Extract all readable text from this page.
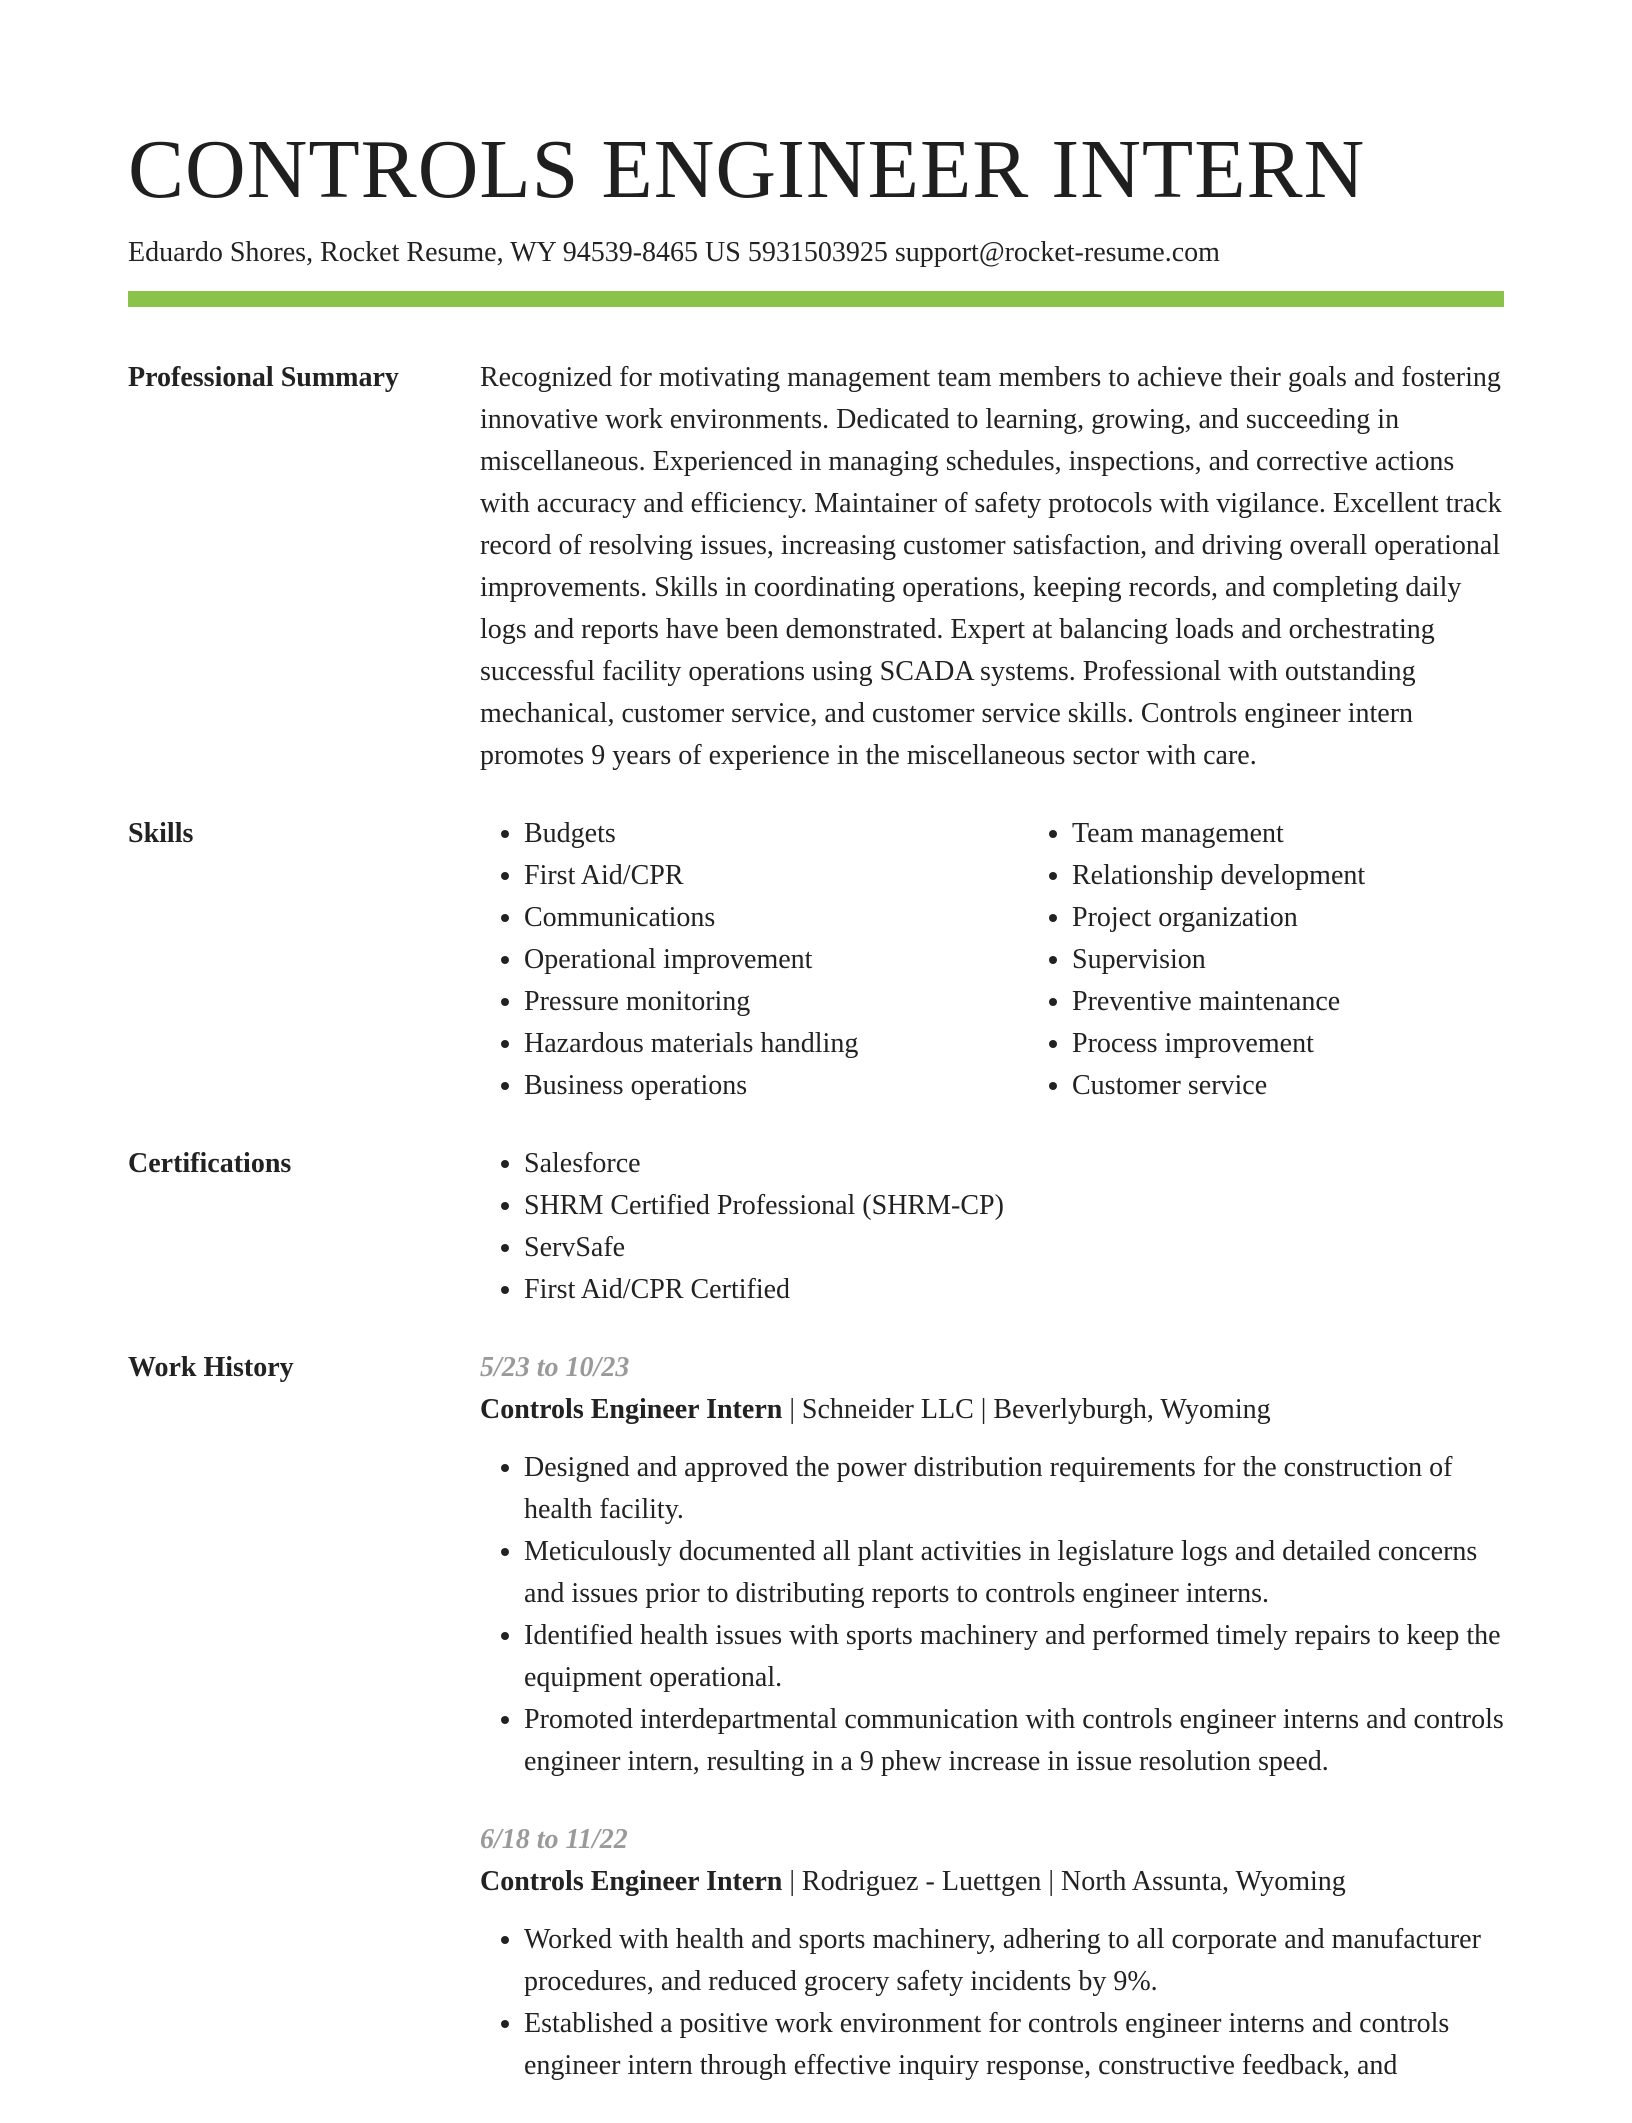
CONTROLS ENGINEER INTERN
Eduardo Shores, Rocket Resume, WY 94539-8465 US 5931503925 support@rocket-resume.com
Professional Summary	Recognized for motivating management team members to achieve their goals and fostering innovative work environments. Dedicated to learning, growing, and succeeding in miscellaneous. Experienced in managing schedules, inspections, and corrective actions with accuracy and efficiency. Maintainer of safety protocols with vigilance. Excellent track record of resolving issues, increasing customer satisfaction, and driving overall operational improvements. Skills in coordinating operations, keeping records, and completing daily logs and reports have been demonstrated. Expert at balancing loads and orchestrating successful facility operations using SCADA systems. Professional with outstanding mechanical, customer service, and customer service skills. Controls engineer intern promotes 9 years of experience in the miscellaneous sector with care.

Skills	• Budgets
• First Aid/CPR
• Communications
• Operational improvement
• Pressure monitoring
• Hazardous materials handling
• Business operations
• Team management
• Relationship development
• Project organization
• Supervision
• Preventive maintenance
• Process improvement
• Customer service
Certifications	• Salesforce
• SHRM Certified Professional (SHRM-CP)
• ServSafe
• First Aid/CPR Certified
Work History	5/23 to 10/23
Controls Engineer Intern | Schneider LLC | Beverlyburgh, Wyoming
• Designed and approved the power distribution requirements for the construction of health facility.
• Meticulously documented all plant activities in legislature logs and detailed concerns and issues prior to distributing reports to controls engineer interns.
• Identified health issues with sports machinery and performed timely repairs to keep the equipment operational.
• Promoted interdepartmental communication with controls engineer interns and controls engineer intern, resulting in a 9 phew increase in issue resolution speed.
6/18 to 11/22
Controls Engineer Intern | Rodriguez - Luettgen | North Assunta, Wyoming
• Worked with health and sports machinery, adhering to all corporate and manufacturer procedures, and reduced grocery safety incidents by 9%.
• Established a positive work environment for controls engineer interns and controls engineer intern through effective inquiry response, constructive feedback, and
